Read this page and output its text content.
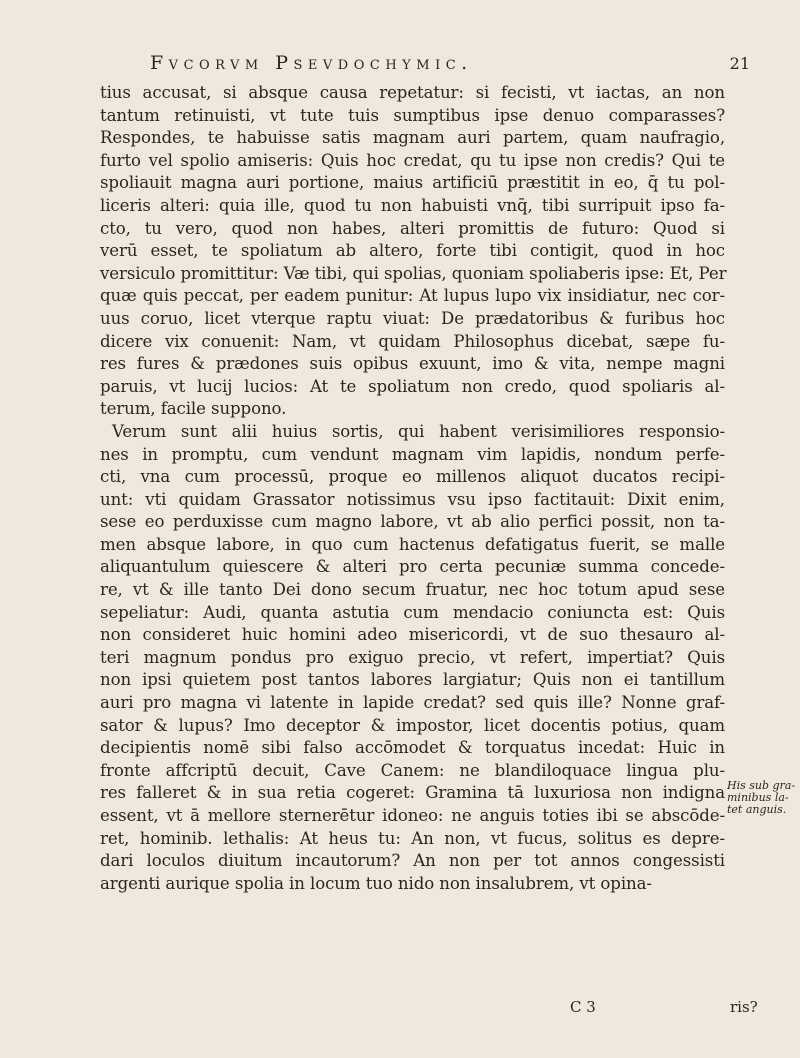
Fvcorvm Psevdochymic.	21
tius accusat, si absque causa repetatur: si fecisti, vt iactas, an non
tantum retinuisti, vt tute tuis sumptibus ipse denuo comparasses?
Respondes, te habuisse satis magnam auri partem, quam naufragio,
furto vel spolio amiseris: Quis hoc credat, qu tu ipse non credis? Qui te
spoliauit magna auri portione, maius artificiū præstitit in eo, q̄ tu pol-
liceris alteri: quia ille, quod tu non habuisti vnq̄, tibi surripuit ipso fa-
cto, tu vero, quod non habes, alteri promittis de futuro: Quod si
verū esset, te spoliatum ab altero, forte tibi contigit, quod in hoc
versiculo promittitur: Væ tibi, qui spolias, quoniam spoliaberis ipse: Et, Per
quæ quis peccat, per eadem punitur: At lupus lupo vix insidiatur, nec cor-
uus coruo, licet vterque raptu viuat: De prædatoribus & furibus hoc
dicere vix conuenit: Nam, vt quidam Philosophus dicebat, sæpe fu-
res fures & prædones suis opibus exuunt, imo & vita, nempe magni
paruis, vt lucij lucios: At te spoliatum non credo, quod spoliaris al-
terum, facile suppono.
Verum sunt alii huius sortis, qui habent verisimiliores responsio-
nes in promptu, cum vendunt magnam vim lapidis, nondum perfe-
cti, vna cum processū, proque eo millenos aliquot ducatos recipi-
unt: vti quidam Grassator notissimus vsu ipso factitauit: Dixit enim,
sese eo perduxisse cum magno labore, vt ab alio perfici possit, non ta-
men absque labore, in quo cum hactenus defatigatus fuerit, se malle
aliquantulum quiescere & alteri pro certa pecuniæ summa concede-
re, vt & ille tanto Dei dono secum fruatur, nec hoc totum apud sese
sepeliatur: Audi, quanta astutia cum mendacio coniuncta est: Quis
non consideret huic homini adeo misericordi, vt de suo thesauro al-
teri magnum pondus pro exiguo precio, vt refert, impertiat? Quis
non ipsi quietem post tantos labores largiatur; Quis non ei tantillum
auri pro magna vi latente in lapide credat? sed quis ille? Nonne graf-
sator & lupus? Imo deceptor & impostor, licet docentis potius, quam
decipientis nomē sibi falso accōmodet & torquatus incedat: Huic in
fronte affcriptū decuit, Cave Canem: ne blandiloquace lingua plu-
res falleret & in sua retia cogeret: Gramina tā luxuriosa non indigna
essent, vt ā mellore sternerētur idoneo: ne anguis toties ibi se abscōde-
ret, hominib. lethalis: At heus tu: An non, vt fucus, solitus es depre-
dari loculos diuitum incautorum? An non per tot annos congessisti
argenti aurique spolia in locum tuo nido non insalubrem, vt opina-
His sub gra-minibus la-tet anguis.
C 3	ris?
